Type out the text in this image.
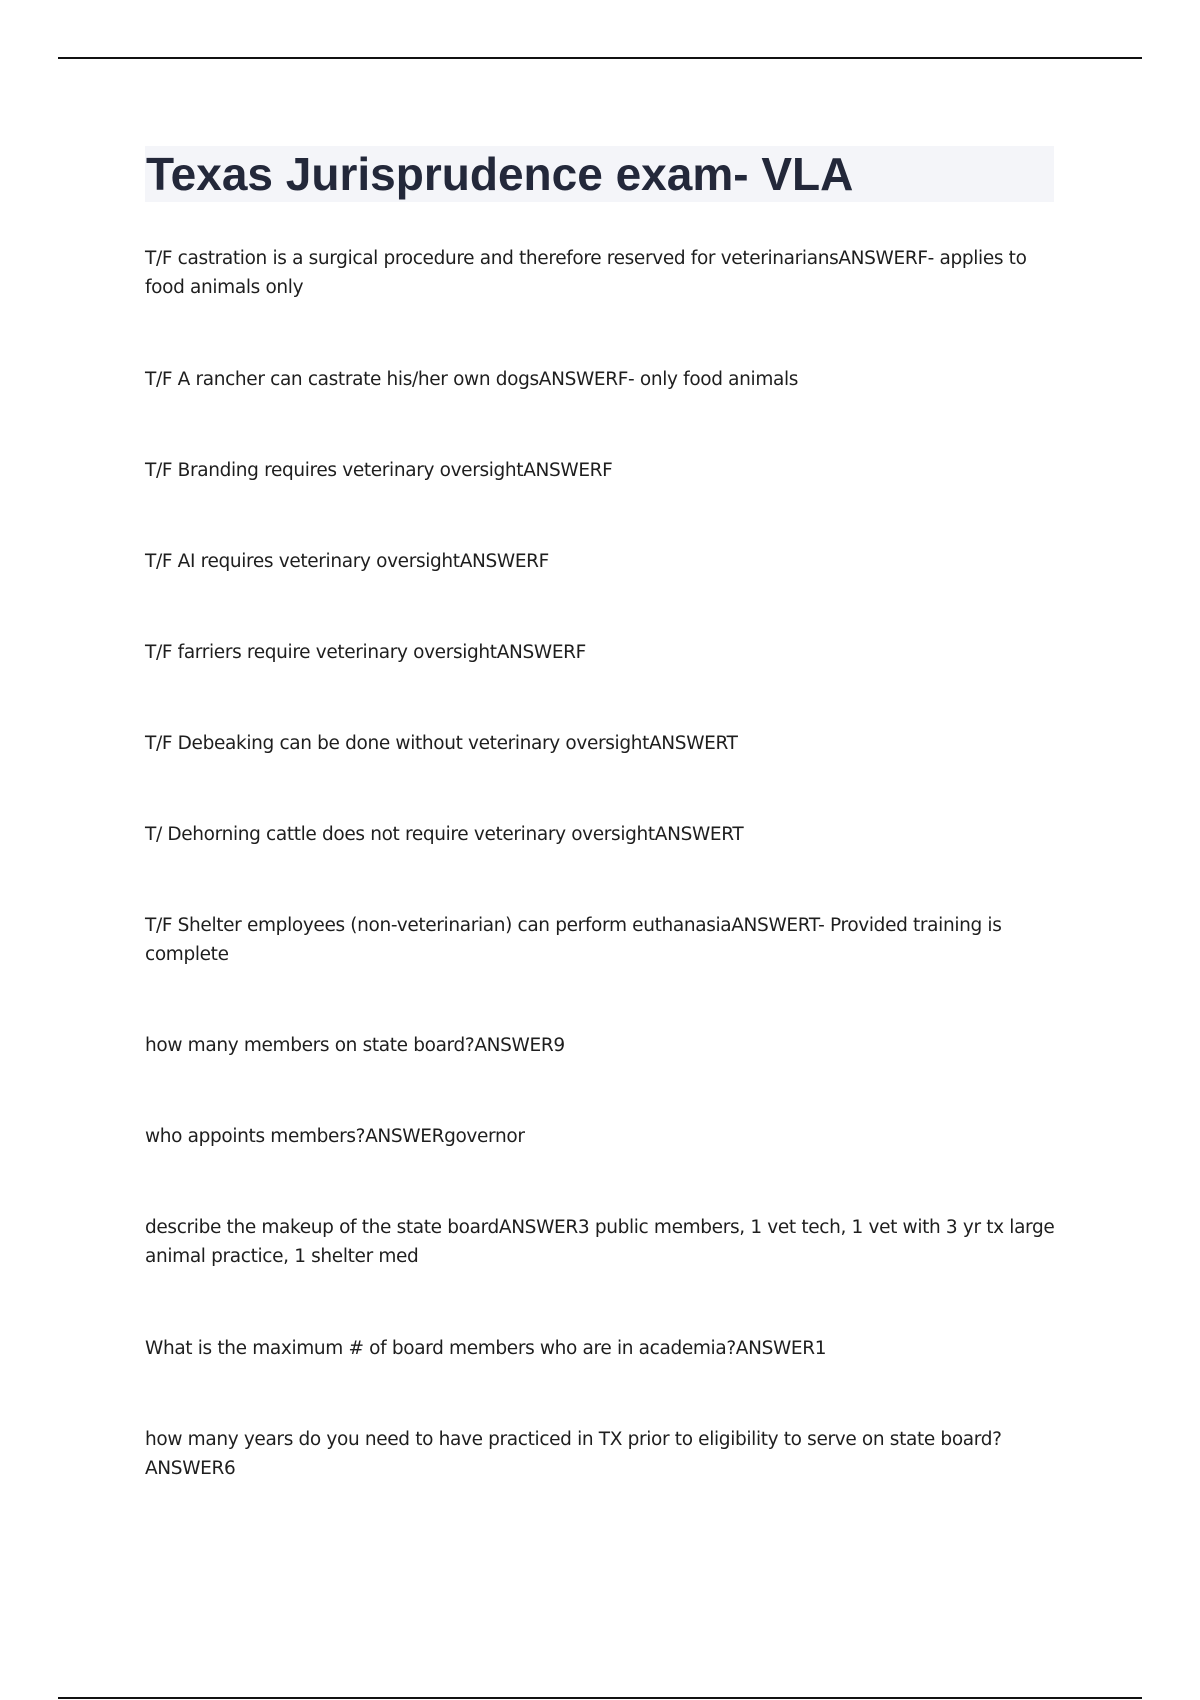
Texas Jurisprudence exam- VLA

T/F castration is a surgical procedure and therefore reserved for veterinariansANSWERF- applies to food animals only

T/F A rancher can castrate his/her own dogsANSWERF- only food animals

T/F Branding requires veterinary oversightANSWERF

T/F AI requires veterinary oversightANSWERF

T/F farriers require veterinary oversightANSWERF

T/F Debeaking can be done without veterinary oversightANSWERT

T/ Dehorning cattle does not require veterinary oversightANSWERT

T/F Shelter employees (non-veterinarian) can perform euthanasiaANSWERT- Provided training is complete

how many members on state board?ANSWER9

who appoints members?ANSWERgovernor

describe the makeup of the state boardANSWER3 public members, 1 vet tech, 1 vet with 3 yr tx large animal practice, 1 shelter med

What is the maximum # of board members who are in academia?ANSWER1

how many years do you need to have practiced in TX prior to eligibility to serve on state board?ANSWER6
